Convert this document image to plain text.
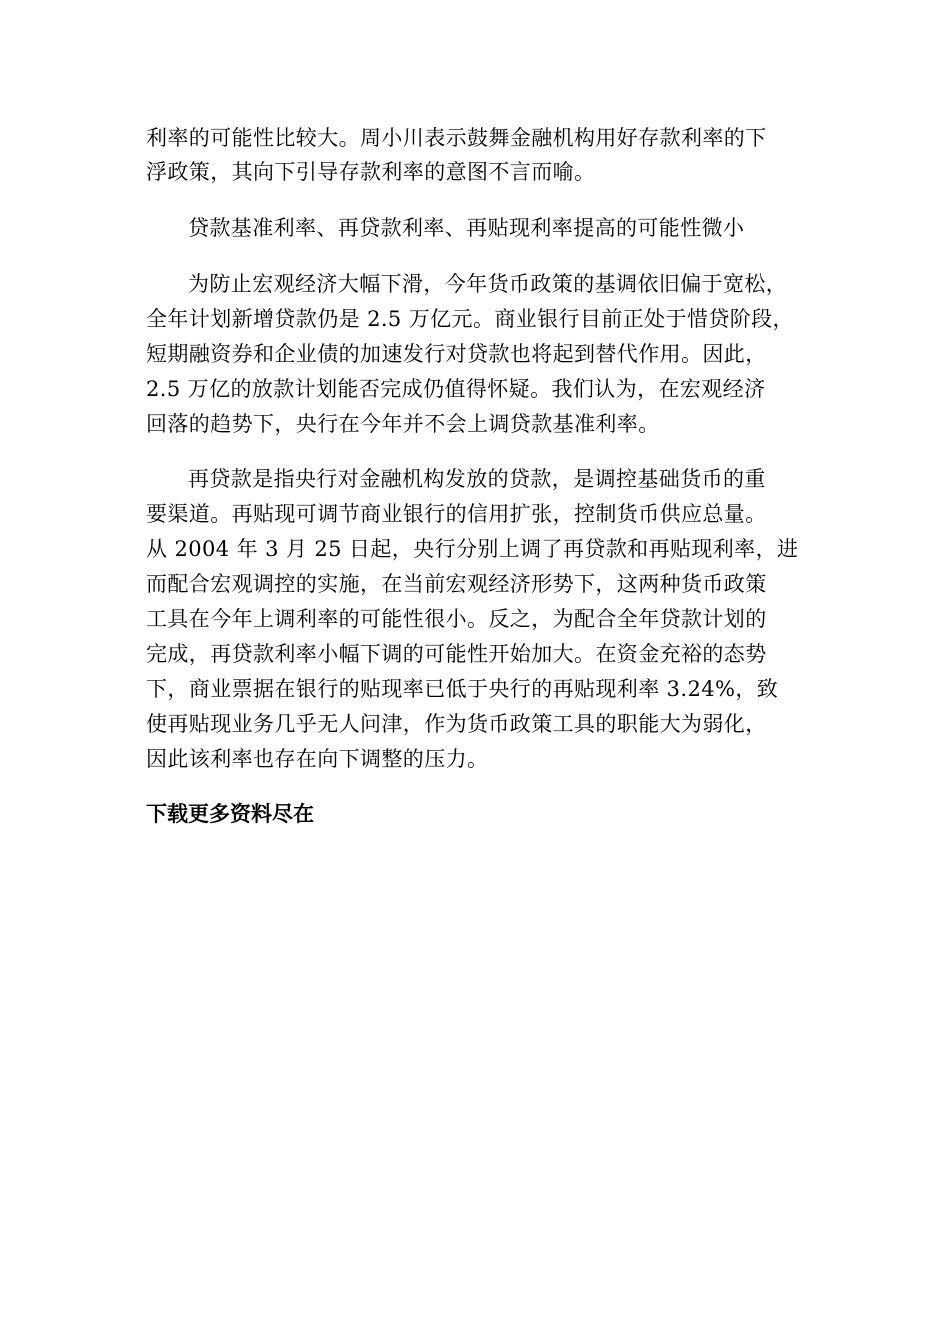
利率的可能性比较大。周小川表示鼓舞金融机构用好存款利率的下
浮政策，其向下引导存款利率的意图不言而喻。
贷款基准利率、再贷款利率、再贴现利率提高的可能性微小
为防止宏观经济大幅下滑，今年货币政策的基调依旧偏于宽松，
全年计划新增贷款仍是 2.5 万亿元。商业银行目前正处于惜贷阶段，
短期融资券和企业债的加速发行对贷款也将起到替代作用。因此，
2.5 万亿的放款计划能否完成仍值得怀疑。我们认为，在宏观经济
回落的趋势下，央行在今年并不会上调贷款基准利率。
再贷款是指央行对金融机构发放的贷款，是调控基础货币的重
要渠道。再贴现可调节商业银行的信用扩张，控制货币供应总量。
从 2004 年 3 月 25 日起，央行分别上调了再贷款和再贴现利率，进
而配合宏观调控的实施，在当前宏观经济形势下，这两种货币政策
工具在今年上调利率的可能性很小。反之，为配合全年贷款计划的
完成，再贷款利率小幅下调的可能性开始加大。在资金充裕的态势
下，商业票据在银行的贴现率已低于央行的再贴现利率 3.24%，致
使再贴现业务几乎无人问津，作为货币政策工具的职能大为弱化，
因此该利率也存在向下调整的压力。
下载更多资料尽在
